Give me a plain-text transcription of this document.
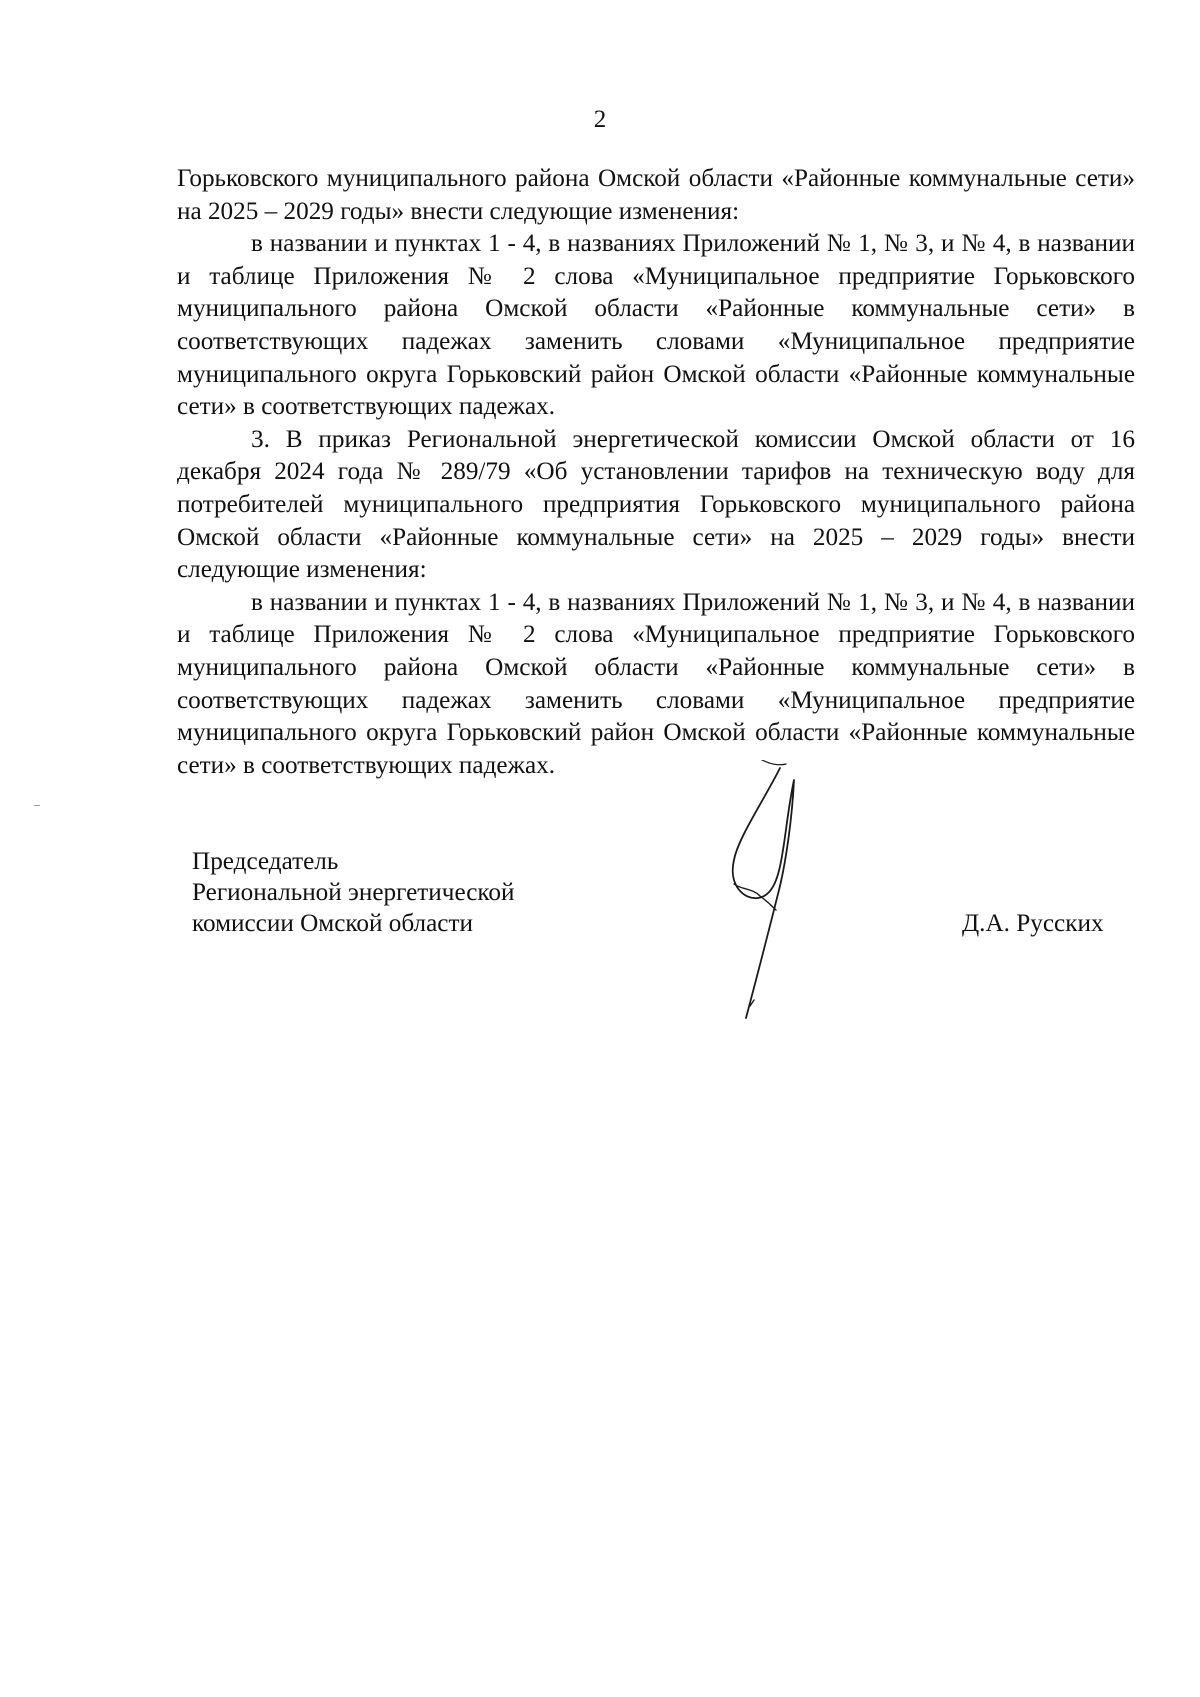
2

Горьковского муниципального района Омской области «Районные коммунальные сети» на 2025 – 2029 годы» внести следующие изменения:

в названии и пунктах 1 - 4, в названиях Приложений № 1, № 3, и № 4, в названии и таблице Приложения № 2 слова «Муниципальное предприятие Горьковского муниципального района Омской области «Районные коммунальные сети» в соответствующих падежах заменить словами «Муниципальное предприятие муниципального округа Горьковский район Омской области «Районные коммунальные сети» в соответствующих падежах.

3. В приказ Региональной энергетической комиссии Омской области от 16 декабря 2024 года № 289/79 «Об установлении тарифов на техническую воду для потребителей муниципального предприятия Горьковского муниципального района Омской области «Районные коммунальные сети» на 2025 – 2029 годы» внести следующие изменения:

в названии и пунктах 1 - 4, в названиях Приложений № 1, № 3, и № 4, в названии и таблице Приложения № 2 слова «Муниципальное предприятие Горьковского муниципального района Омской области «Районные коммунальные сети» в соответствующих падежах заменить словами «Муниципальное предприятие муниципального округа Горьковский район Омской области «Районные коммунальные сети» в соответствующих падежах.

Председатель
Региональной энергетической
комиссии Омской области	Д.А. Русских
